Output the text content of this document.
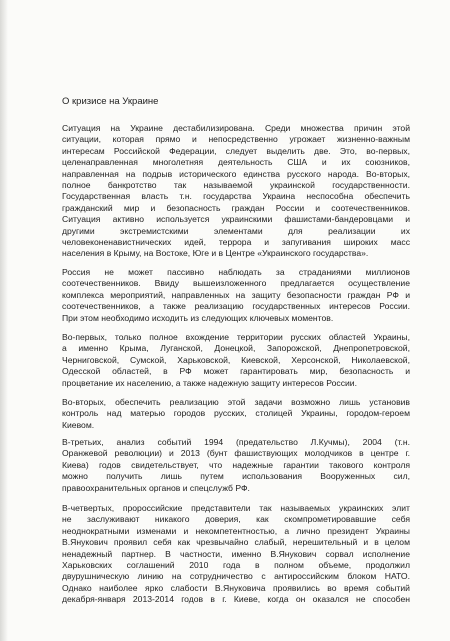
О кризисе на Украине
Ситуация на Украине дестабилизирована. Среди множества причин этой
ситуации, которая прямо и непосредственно угрожает жизненно-важным
интересам Российской Федерации, следует выделить две. Это, во-первых,
целенаправленная многолетняя деятельность США и их союзников,
направленная на подрыв исторического единства русского народа. Во-вторых,
полное банкротство так называемой украинской государственности.
Государственная власть т.н. государства Украина неспособна обеспечить
гражданский мир и безопасность граждан России и соотечественников.
Ситуация активно используется украинскими фашистами-бандеровцами и
другими экстремистскими элементами для реализации их
человеконенавистнических идей, террора и запугивания широких масс
населения в Крыму, на Востоке, Юге и в Центре «Украинского государства».
Россия не может пассивно наблюдать за страданиями миллионов
соотечественников. Ввиду вышеизложенного предлагается осуществление
комплекса мероприятий, направленных на защиту безопасности граждан РФ и
соотечественников, а также реализацию государственных интересов России.
При этом необходимо исходить из следующих ключевых моментов.
Во-первых, только полное вхождение территории русских областей Украины,
а именно Крыма, Луганской, Донецкой, Запорожской, Днепропетровской,
Черниговской, Сумской, Харьковской, Киевской, Херсонской, Николаевской,
Одесской областей, в РФ может гарантировать мир, безопасность и
процветание их населению, а также надежную защиту интересов России.
Во-вторых, обеспечить реализацию этой задачи возможно лишь установив
контроль над матерью городов русских, столицей Украины, городом-героем
Киевом.
В-третьих, анализ событий 1994 (предательство Л.Кучмы), 2004 (т.н.
Оранжевой революции) и 2013 (бунт фашиствующих молодчиков в центре г.
Киева) годов свидетельствует, что надежные гарантии такового контроля
можно получить лишь путем использования Вооруженных сил,
правоохранительных органов и спецслужб РФ.
В-четвертых, пророссийские представители так называемых украинских элит
не заслуживают никакого доверия, как скомпрометировавшие себя
неоднократными изменами и некомпетентностью, а лично президент Украины
В.Янукович проявил себя как чрезвычайно слабый, нерешительный и в целом
ненадежный партнер. В частности, именно В.Янукович сорвал исполнение
Харьковских соглашений 2010 года в полном объеме, продолжил
двурушническую линию на сотрудничество с антироссийским блоком НАТО.
Однако наиболее ярко слабости В.Януковича проявились во время событий
декабря-января 2013-2014 годов в г. Киеве, когда он оказался не способен
